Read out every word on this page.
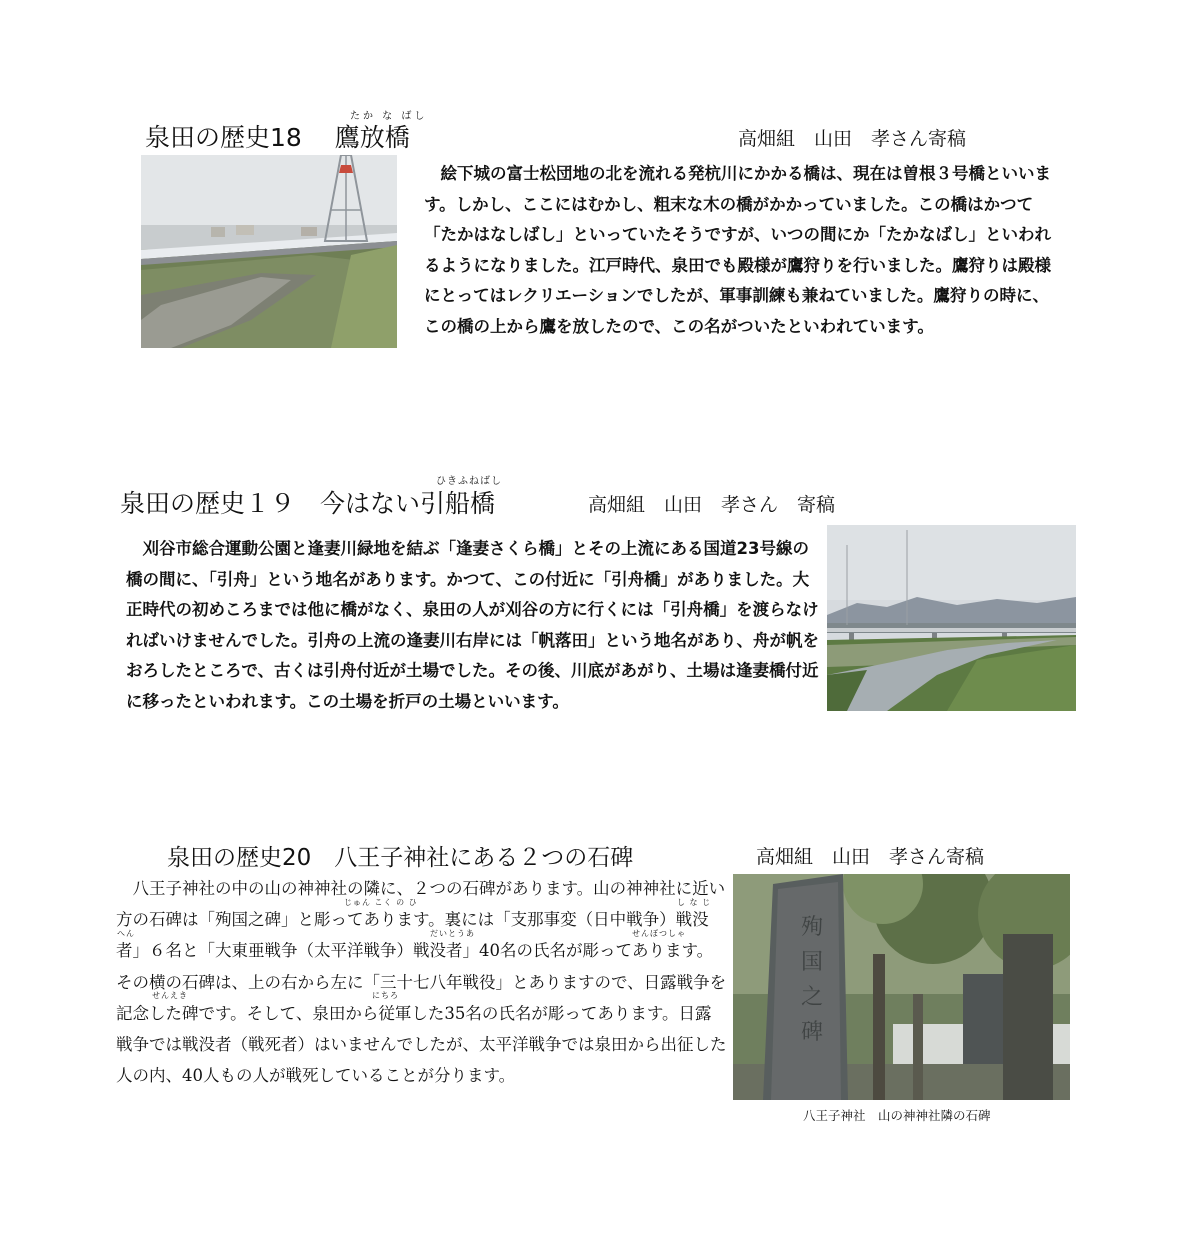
たか な ばし
泉田の歴史18　 鷹放橋	高畑組　山田　孝さん寄稿
　絵下城の富士松団地の北を流れる発杭川にかかる橋は、現在は曽根３号橋といいます。しかし、ここにはむかし、粗末な木の橋がかかっていました。この橋はかつて「たかはなしばし」といっていたそうですが、いつの間にか「たかなばし」といわれるようになりました。江戸時代、泉田でも殿様が鷹狩りを行いました。鷹狩りは殿様にとってはレクリエーションでしたが、軍事訓練も兼ねていました。鷹狩りの時に、この橋の上から鷹を放したので、この名がついたといわれています。
ひきふねばし
泉田の歴史１９　今はない引船橋	高畑組　山田　孝さん　寄稿
　刈谷市総合運動公園と逢妻川緑地を結ぶ「逢妻さくら橋」とその上流にある国道23号線の橋の間に、「引舟」という地名があります。かつて、この付近に「引舟橋」がありました。大正時代の初めころまでは他に橋がなく、泉田の人が刈谷の方に行くには「引舟橋」を渡らなければいけませんでした。引舟の上流の逢妻川右岸には「帆落田」という地名があり、舟が帆をおろしたところで、古くは引舟付近が土場でした。その後、川底があがり、土場は逢妻橋付近に移ったといわれます。この土場を折戸の土場といいます。
泉田の歴史20　八王子神社にある２つの石碑	高畑組　山田　孝さん寄稿
　八王子神社の中の山の神神社の隣に、２つの石碑があります。山の神神社に近い方の石碑は「殉国之碑」と彫ってあります。裏には「支那事変（日中戦争）戦没者」６名と「大東亜戦争（太平洋戦争）戦没者」40名の氏名が彫ってあります。その横の石碑は、上の右から左に「三十七八年戦役」とありますので、日露戦争を記念した碑です。そして、泉田から従軍した35名の氏名が彫ってあります。日露戦争では戦没者（戦死者）はいませんでしたが、太平洋戦争では泉田から出征した人の内、40人もの人が戦死していることが分ります。
じゅん こく の ひ	し な じ
へん	だいとうあ	せんぼつしゃ
せんえき	にちろ
殉
国
之
碑
八王子神社　山の神神社隣の石碑
